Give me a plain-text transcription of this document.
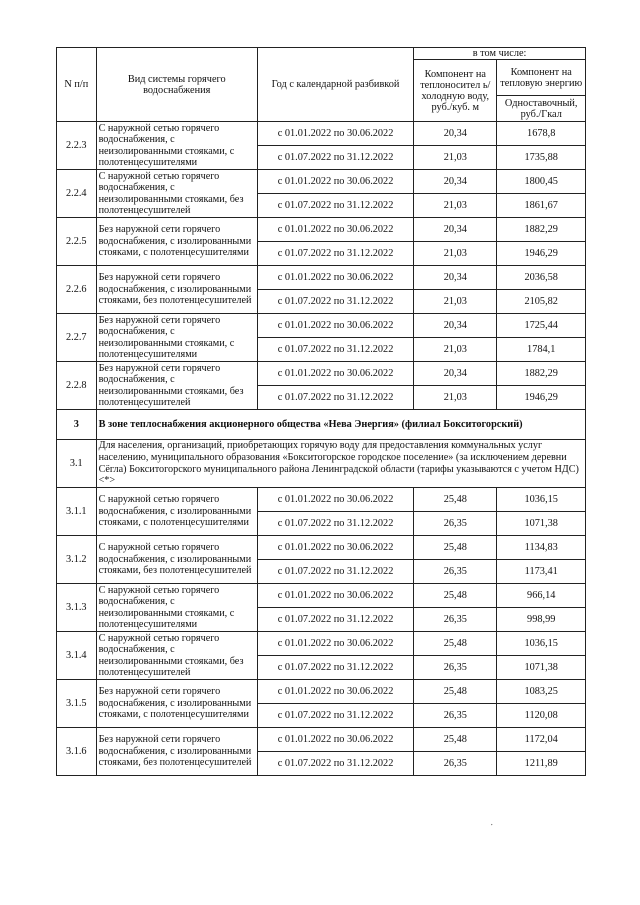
N п/п	Вид системы горячего водоснабжения	Год с календарной разбивкой	в том числе:	
			Компонент на теплоносител ь/холодную воду, руб./куб. м	Компонент на тепловую энергию
				Одноставочный, руб./Гкал
2.2.3	С наружной сетью горячего водоснабжения, с неизолированными стояками, с полотенцесушителями	с 01.01.2022 по 30.06.2022	20,34	1678,8
		с 01.07.2022 по 31.12.2022	21,03	1735,88
2.2.4	С наружной сетью горячего водоснабжения, с неизолированными стояками, без полотенцесушителей	с 01.01.2022 по 30.06.2022	20,34	1800,45
		с 01.07.2022 по 31.12.2022	21,03	1861,67
2.2.5	Без наружной сети горячего водоснабжения, с изолированными стояками, с полотенцесушителями	с 01.01.2022 по 30.06.2022	20,34	1882,29
		с 01.07.2022 по 31.12.2022	21,03	1946,29
2.2.6	Без наружной сети горячего водоснабжения, с изолированными стояками, без полотенцесушителей	с 01.01.2022 по 30.06.2022	20,34	2036,58
		с 01.07.2022 по 31.12.2022	21,03	2105,82
2.2.7	Без наружной сети горячего водоснабжения, с неизолированными стояками, с полотенцесушителями	с 01.01.2022 по 30.06.2022	20,34	1725,44
		с 01.07.2022 по 31.12.2022	21,03	1784,1
2.2.8	Без наружной сети горячего водоснабжения, с неизолированными стояками, без полотенцесушителей	с 01.01.2022 по 30.06.2022	20,34	1882,29
		с 01.07.2022 по 31.12.2022	21,03	1946,29
3	В зоне теплоснабжения акционерного общества «Нева Энергия» (филиал Бокситогорский)			
3.1	Для населения, организаций, приобретающих горячую воду для предоставления коммунальных услуг населению, муниципального образования «Бокситогорское городское поселение» (за исключением деревни Сёгла) Бокситогорского муниципального района Ленинградской области (тарифы указываются с учетом НДС) <*>			
3.1.1	С наружной сетью горячего водоснабжения, с изолированными стояками, с полотенцесушителями	с 01.01.2022 по 30.06.2022	25,48	1036,15
		с 01.07.2022 по 31.12.2022	26,35	1071,38
3.1.2	С наружной сетью горячего водоснабжения, с изолированными стояками, без полотенцесушителей	с 01.01.2022 по 30.06.2022	25,48	1134,83
		с 01.07.2022 по 31.12.2022	26,35	1173,41
3.1.3	С наружной сетью горячего водоснабжения, с неизолированными стояками, с полотенцесушителями	с 01.01.2022 по 30.06.2022	25,48	966,14
		с 01.07.2022 по 31.12.2022	26,35	998,99
3.1.4	С наружной сетью горячего водоснабжения, с неизолированными стояками, без полотенцесушителей	с 01.01.2022 по 30.06.2022	25,48	1036,15
		с 01.07.2022 по 31.12.2022	26,35	1071,38
3.1.5	Без наружной сети горячего водоснабжения, с изолированными стояками, с полотенцесушителями	с 01.01.2022 по 30.06.2022	25,48	1083,25
		с 01.07.2022 по 31.12.2022	26,35	1120,08
3.1.6	Без наружной сети горячего водоснабжения, с изолированными стояками, без полотенцесушителей	с 01.01.2022 по 30.06.2022	25,48	1172,04
		с 01.07.2022 по 31.12.2022	26,35	1211,89
⋅
